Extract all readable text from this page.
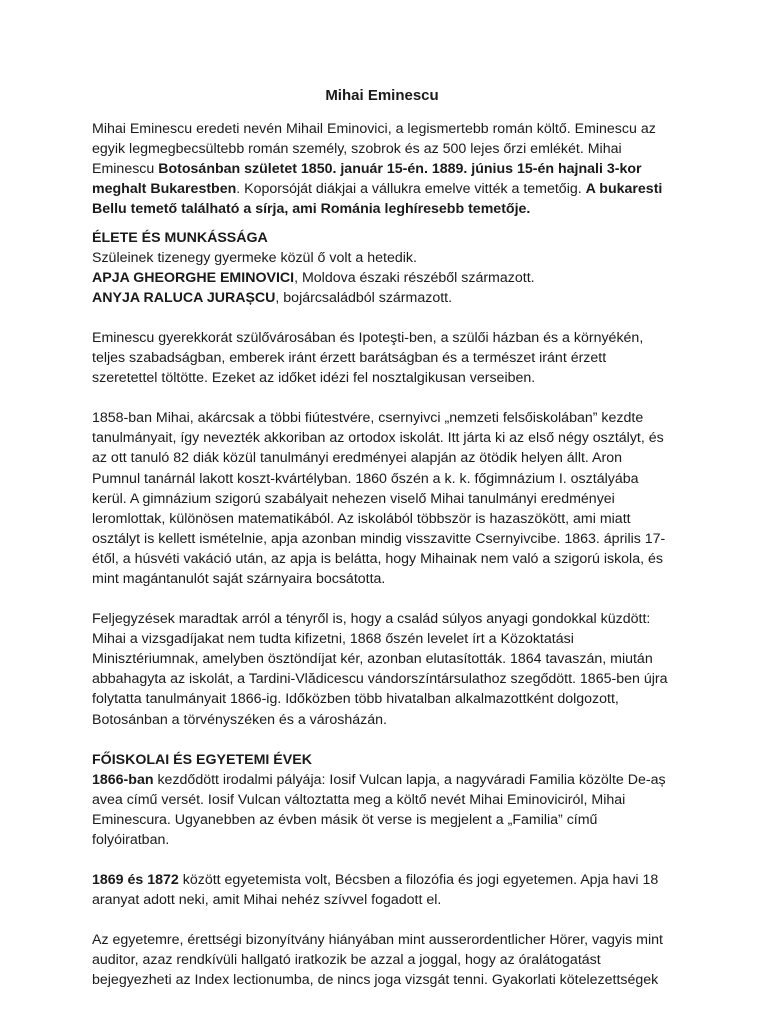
Mihai Eminescu

Mihai Eminescu eredeti nevén Mihail Eminovici, a legismertebb román költő. Eminescu az egyik legmegbecsültebb román személy, szobrok és az 500 lejes őrzi emlékét. Mihai Eminescu Botosánban születet 1850. január 15-én. 1889. június 15-én hajnali 3-kor meghalt Bukarestben. Koporsóját diákjai a vállukra emelve vitték a temetőig. A bukaresti Bellu temető található a sírja, ami Románia leghíresebb temetője.

ÉLETE ÉS MUNKÁSSÁGA

Szüleinek tizenegy gyermeke közül ő volt a hetedik.

APJA GHEORGHE EMINOVICI, Moldova északi részéből származott.

ANYJA RALUCA JURAȘCU, bojárcsaládból származott.

Eminescu gyerekkorát szülővárosában és Ipoteşti-ben, a szülői házban és a környékén, teljes szabadságban, emberek iránt érzett barátságban és a természet iránt érzett szeretettel töltötte. Ezeket az időket idézi fel nosztalgikusan verseiben.

1858-ban Mihai, akárcsak a többi fiútestvére, csernyivci „nemzeti felsőiskolában” kezdte tanulmányait, így nevezték akkoriban az ortodox iskolát. Itt járta ki az első négy osztályt, és az ott tanuló 82 diák közül tanulmányi eredményei alapján az ötödik helyen állt. Aron Pumnul tanárnál lakott koszt-kvártélyban. 1860 őszén a k. k. főgimnázium I. osztályába kerül. A gimnázium szigorú szabályait nehezen viselő Mihai tanulmányi eredményei leromlottak, különösen matematikából. Az iskolából többször is hazaszökött, ami miatt osztályt is kellett ismételnie, apja azonban mindig visszavitte Csernyivcibe. 1863. április 17-étől, a húsvéti vakáció után, az apja is belátta, hogy Mihainak nem való a szigorú iskola, és mint magántanulót saját szárnyaira bocsátotta.

Feljegyzések maradtak arról a tényről is, hogy a család súlyos anyagi gondokkal küzdött: Mihai a vizsgadíjakat nem tudta kifizetni, 1868 őszén levelet írt a Közoktatási Minisztériumnak, amelyben ösztöndíjat kér, azonban elutasították. 1864 tavaszán, miután abbahagyta az iskolát, a Tardini-Vlădicescu vándorszíntársulathoz szegődött. 1865-ben újra folytatta tanulmányait 1866-ig. Időközben több hivatalban alkalmazottként dolgozott, Botosánban a törvényszéken és a városházán.

FŐISKOLAI ÉS EGYETEMI ÉVEK

1866-ban kezdődött irodalmi pályája: Iosif Vulcan lapja, a nagyváradi Familia közölte De-aș avea című versét. Iosif Vulcan változtatta meg a költő nevét Mihai Eminoviciról, Mihai Eminescura. Ugyanebben az évben másik öt verse is megjelent a „Familia” című folyóiratban.

1869 és 1872 között egyetemista volt, Bécsben a filozófia és jogi egyetemen. Apja havi 18 aranyat adott neki, amit Mihai nehéz szívvel fogadott el.

Az egyetemre, érettségi bizonyítvány hiányában mint ausserordentlicher Hörer, vagyis mint auditor, azaz rendkívüli hallgató iratkozik be azzal a joggal, hogy az óralátogatást bejegyezheti az Index lectionumba, de nincs joga vizsgát tenni. Gyakorlati kötelezettségek
